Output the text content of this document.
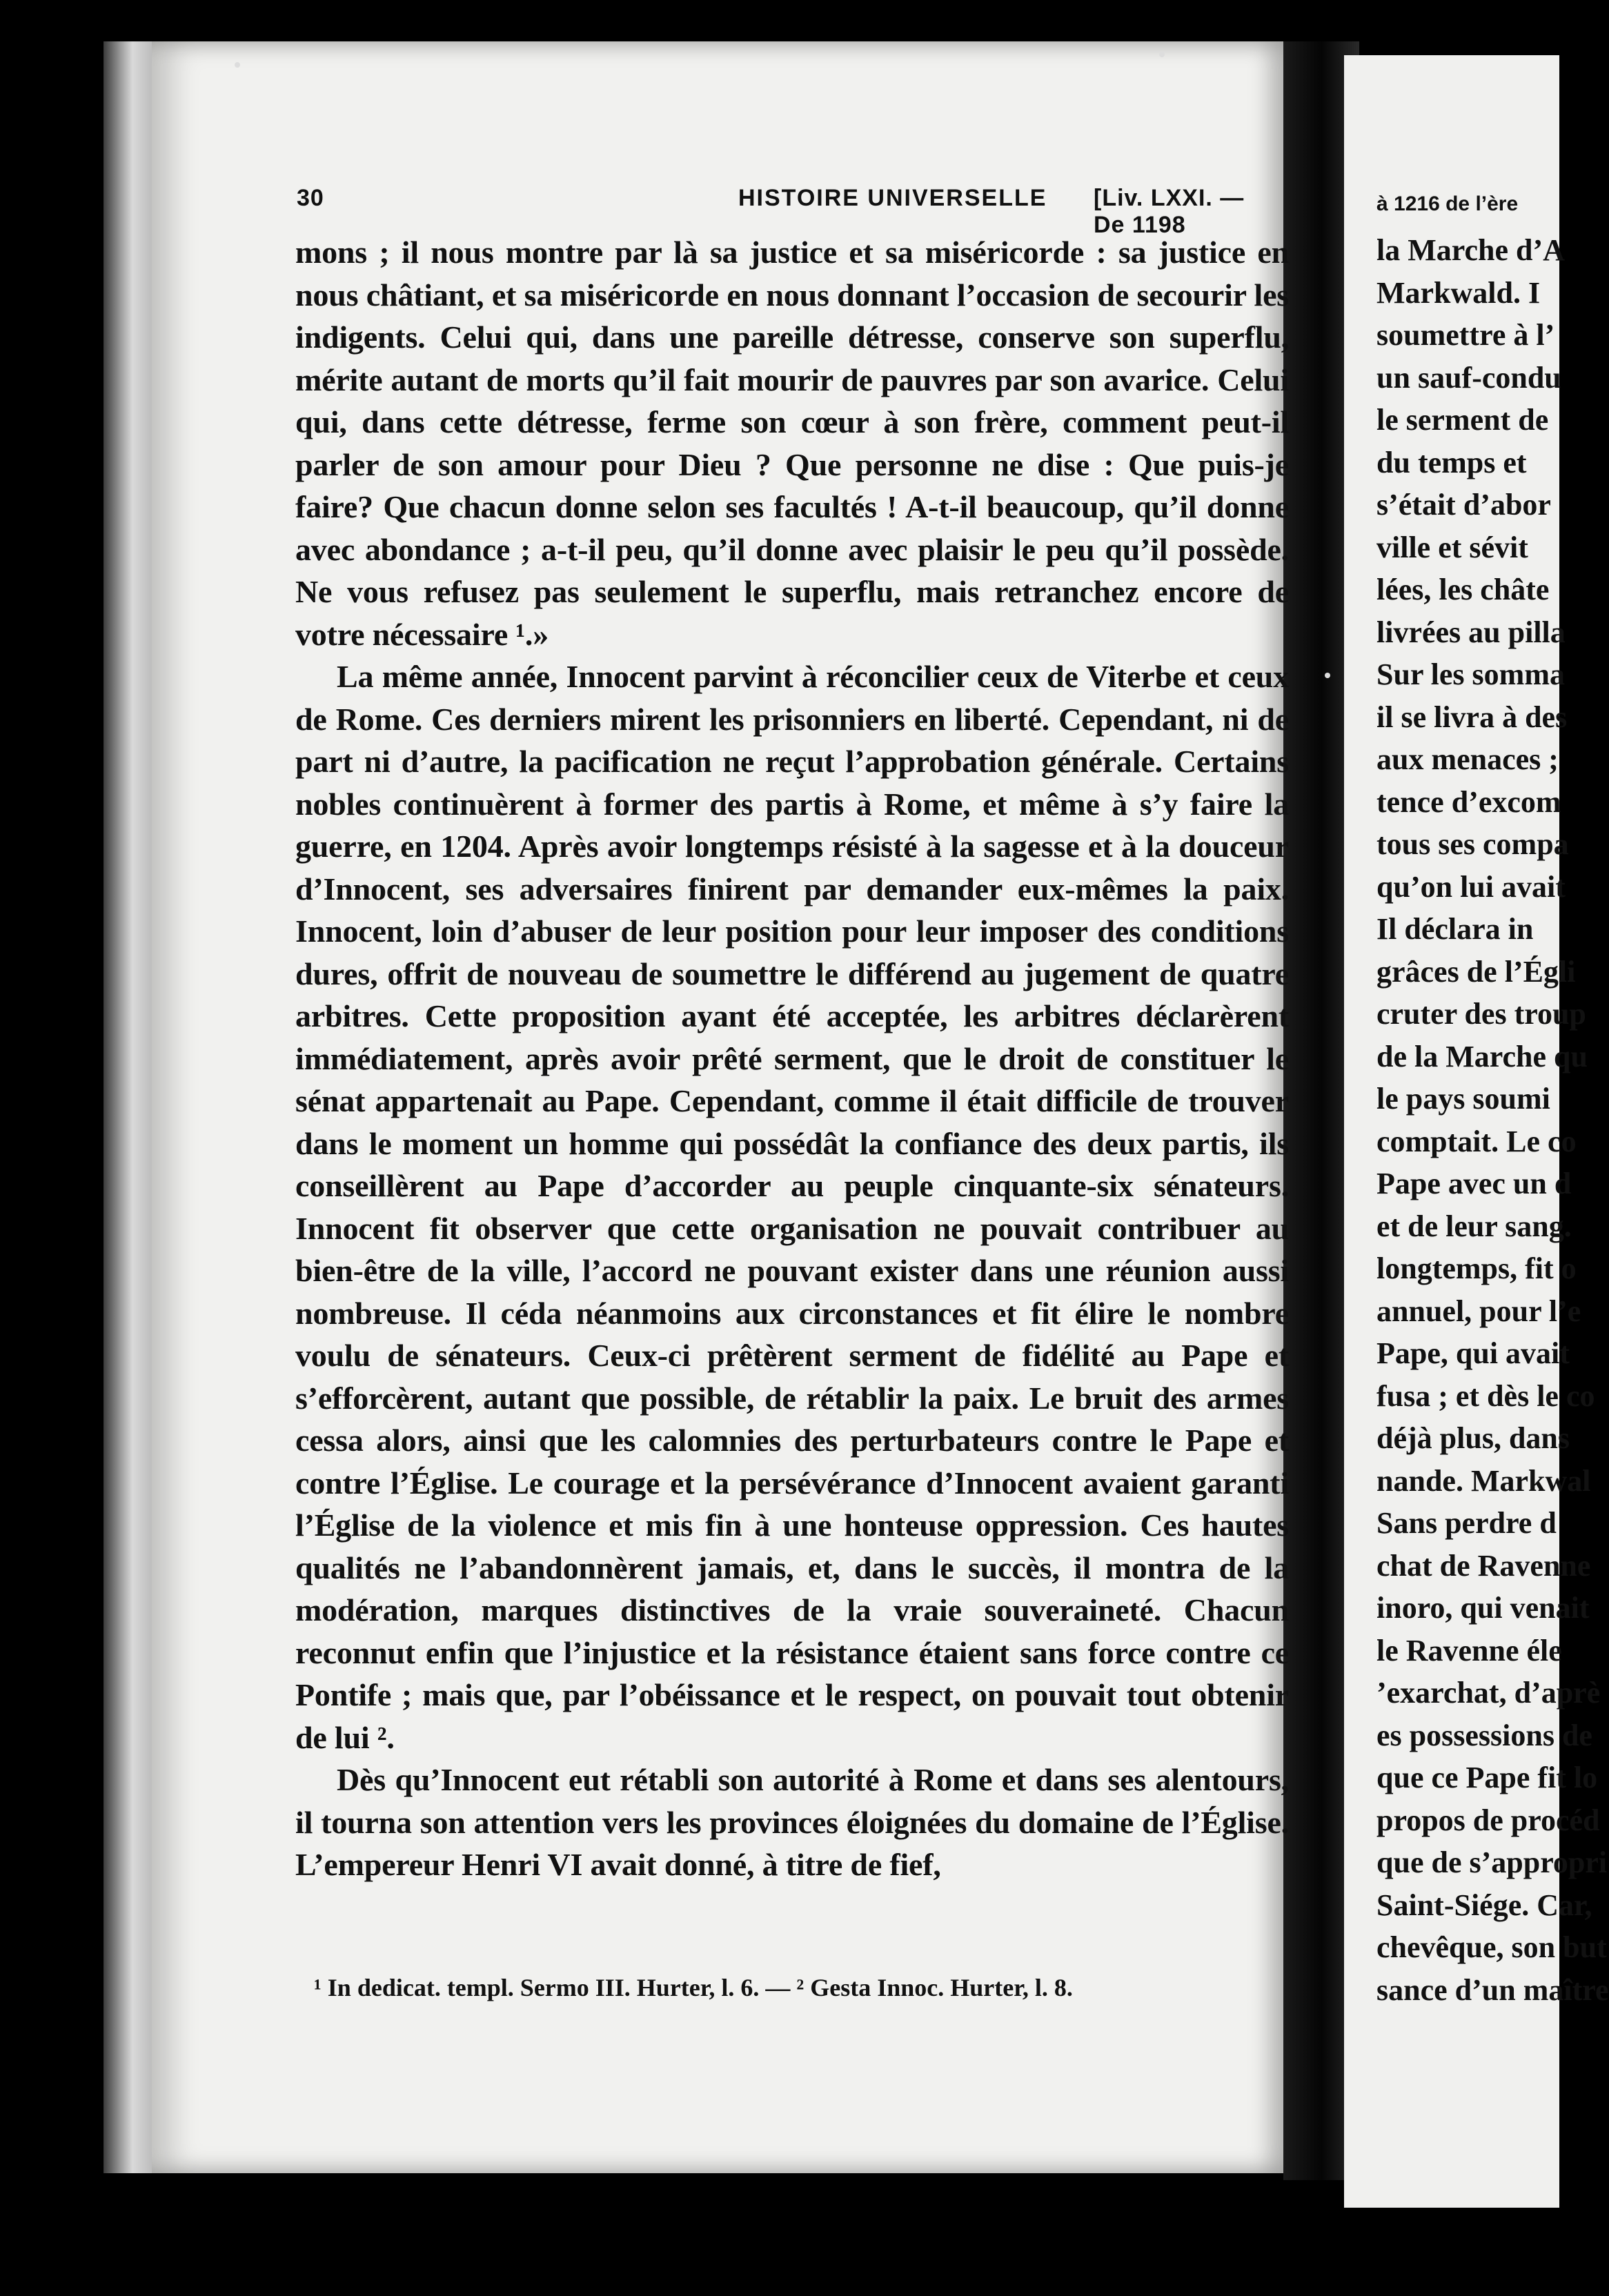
30	HISTOIRE UNIVERSELLE [Liv. LXXI. — De 1198

mons ; il nous montre par là sa justice et sa miséricorde : sa justice en nous châtiant, et sa miséricorde en nous donnant l’occasion de secourir les indigents. Celui qui, dans une pareille détresse, conserve son superflu, mérite autant de morts qu’il fait mourir de pauvres par son avarice. Celui qui, dans cette détresse, ferme son cœur à son frère, comment peut-il parler de son amour pour Dieu ? Que personne ne dise : Que puis-je faire? Que chacun donne selon ses facultés ! A-t-il beaucoup, qu’il donne avec abondance ; a-t-il peu, qu’il donne avec plaisir le peu qu’il possède. Ne vous refusez pas seulement le superflu, mais retranchez encore de votre nécessaire ¹.»

La même année, Innocent parvint à réconcilier ceux de Viterbe et ceux de Rome. Ces derniers mirent les prisonniers en liberté. Cependant, ni de part ni d’autre, la pacification ne reçut l’approbation générale. Certains nobles continuèrent à former des partis à Rome, et même à s’y faire la guerre, en 1204. Après avoir longtemps résisté à la sagesse et à la douceur d’Innocent, ses adversaires finirent par demander eux-mêmes la paix. Innocent, loin d’abuser de leur position pour leur imposer des conditions dures, offrit de nouveau de soumettre le différend au jugement de quatre arbitres. Cette proposition ayant été acceptée, les arbitres déclarèrent immédiatement, après avoir prêté serment, que le droit de constituer le sénat appartenait au Pape. Cependant, comme il était difficile de trouver dans le moment un homme qui possédât la confiance des deux partis, ils conseillèrent au Pape d’accorder au peuple cinquante-six sénateurs. Innocent fit observer que cette organisation ne pouvait contribuer au bien-être de la ville, l’accord ne pouvant exister dans une réunion aussi nombreuse. Il céda néanmoins aux circonstances et fit élire le nombre voulu de sénateurs. Ceux-ci prêtèrent serment de fidélité au Pape et s’efforcèrent, autant que possible, de rétablir la paix. Le bruit des armes cessa alors, ainsi que les calomnies des perturbateurs contre le Pape et contre l’Église. Le courage et la persévérance d’Innocent avaient garanti l’Église de la violence et mis fin à une honteuse oppression. Ces hautes qualités ne l’abandonnèrent jamais, et, dans le succès, il montra de la modération, marques distinctives de la vraie souveraineté. Chacun reconnut enfin que l’injustice et la résistance étaient sans force contre ce Pontife ; mais que, par l’obéissance et le respect, on pouvait tout obtenir de lui ².

Dès qu’Innocent eut rétabli son autorité à Rome et dans ses alentours, il tourna son attention vers les provinces éloignées du domaine de l’Église. L’empereur Henri VI avait donné, à titre de fief,

¹ In dedicat. templ. Sermo III. Hurter, l. 6. — ² Gesta Innoc. Hurter, l. 8.
à 1216 de l’ère
la Marche d’A
Markwald. I
soumettre à l’
un sauf-condu
le serment de
du temps et
s’était d’abor
ville et sévit
lées, les châte
livrées au pilla
Sur les somma
il se livra à des
aux menaces ;
tence d’excom
tous ses compa
qu’on lui avait
Il déclara in
grâces de l’Égli
cruter des troup
de la Marche qu
le pays soumi
comptait. Le co
Pape avec un d
et de leur sang.
longtemps, fit o
annuel, pour l’e
Pape, qui avait
fusa ; et dès le co
déjà plus, dans
nande. Markwal
Sans perdre d
chat de Ravenne
inoro, qui venait
le Ravenne éle
’exarchat, d’aprè
es possessions de
que ce Pape fit lo
propos de procéd
que de s’appropri
Saint-Siége. Car,
chevêque, son but
sance d’un maître
